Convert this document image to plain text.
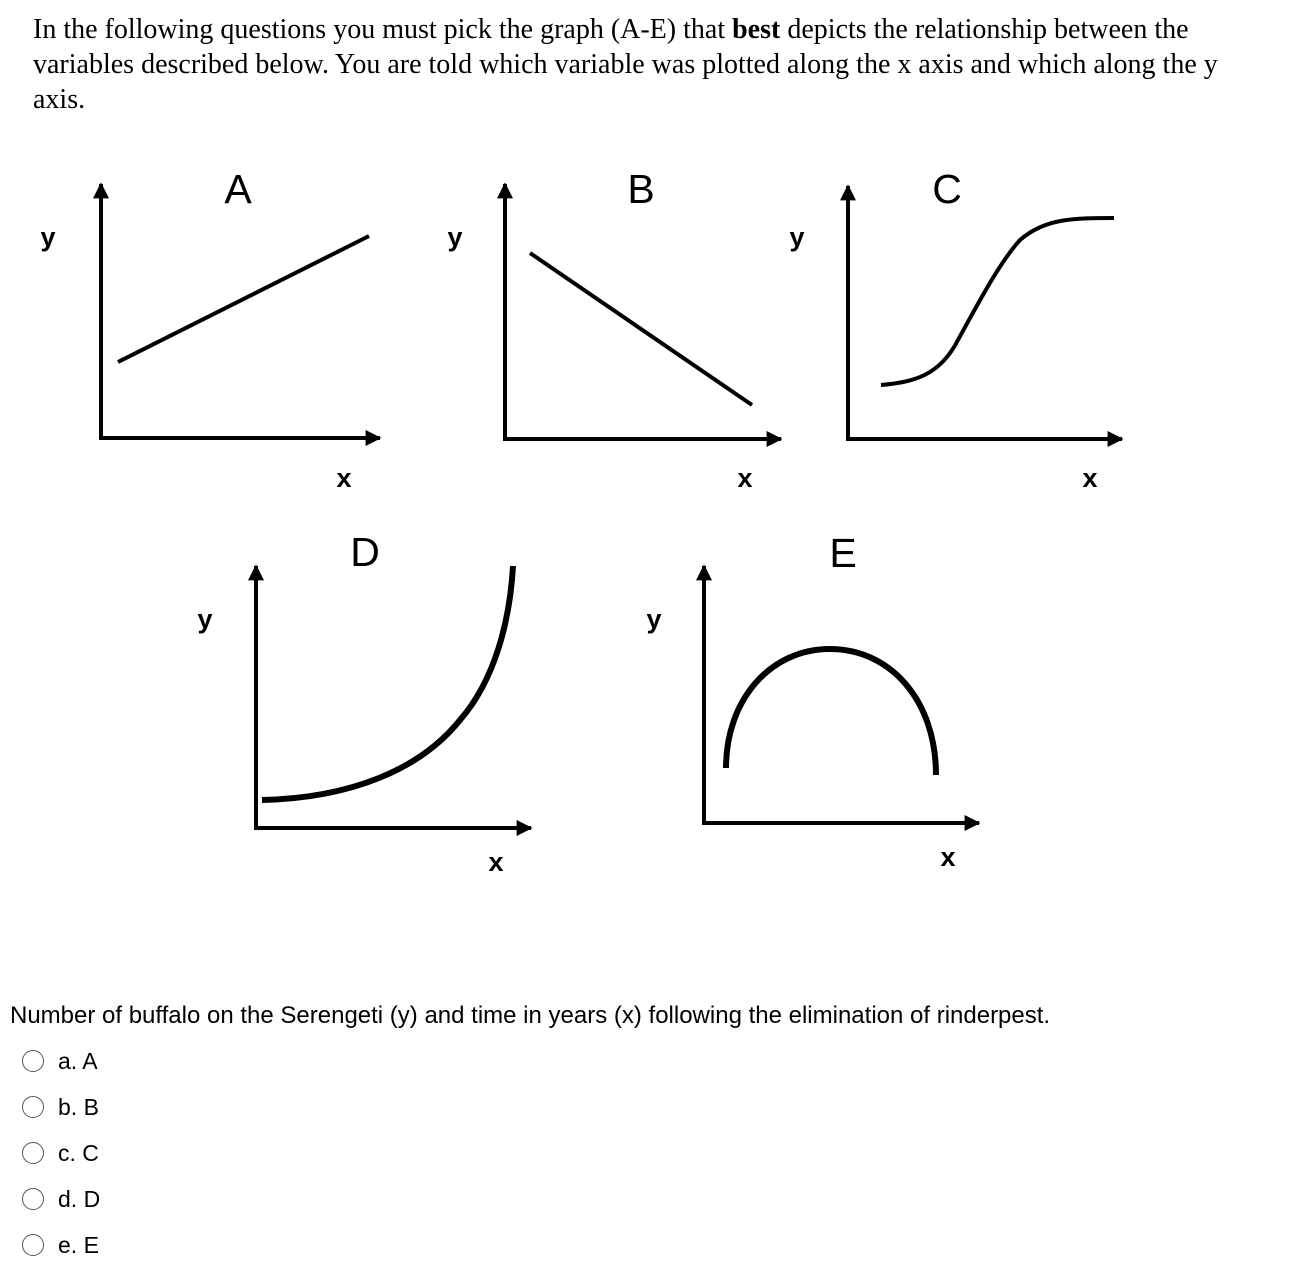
In the following questions you must pick the graph (A-E) that best depicts the relationship between the variables described below. You are told which variable was plotted along the x axis and which along the y axis.

A
y
x
B
y
x
C
y
x
D
y
x
E
y
x

Number of buffalo on the Serengeti (y) and time in years (x) following the elimination of rinderpest.

a. A
b. B
c. C
d. D
e. E
